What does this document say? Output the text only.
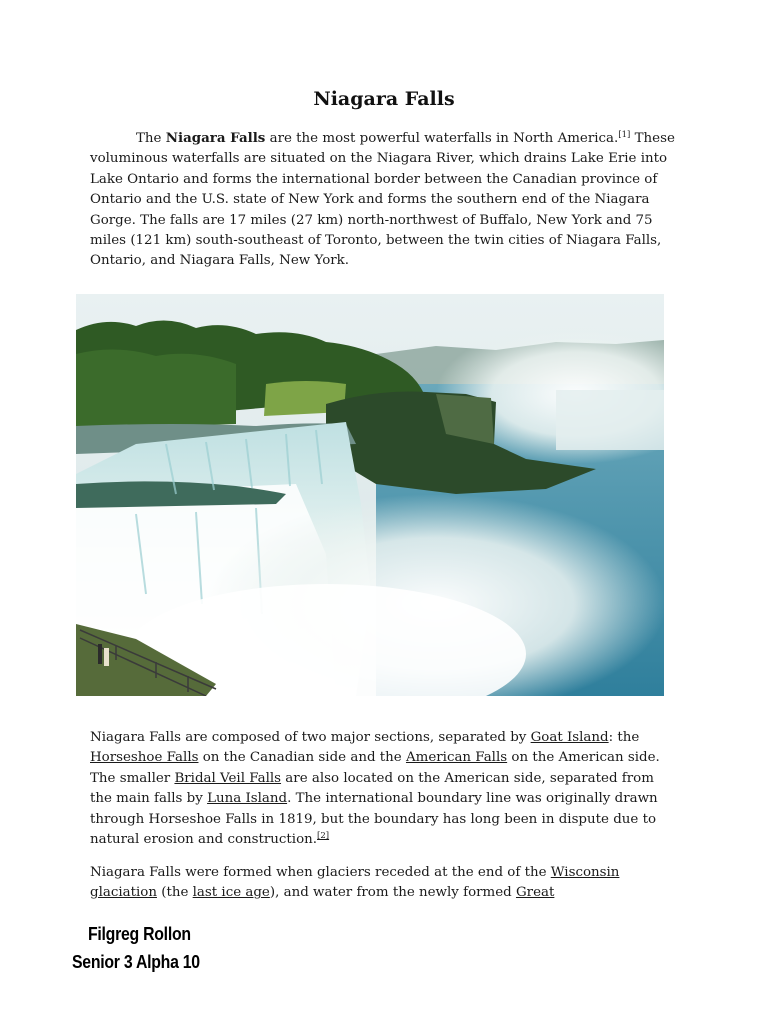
Niagara Falls

The Niagara Falls are the most powerful waterfalls in North America.[1] These voluminous waterfalls are situated on the Niagara River, which drains Lake Erie into Lake Ontario and forms the international border between the Canadian province of Ontario and the U.S. state of New York and forms the southern end of the Niagara Gorge. The falls are 17 miles (27 km) north-northwest of Buffalo, New York and 75 miles (121 km) south-southeast of Toronto, between the twin cities of Niagara Falls, Ontario, and Niagara Falls, New York.

Niagara Falls are composed of two major sections, separated by Goat Island: the Horseshoe Falls on the Canadian side and the American Falls on the American side. The smaller Bridal Veil Falls are also located on the American side, separated from the main falls by Luna Island. The international boundary line was originally drawn through Horseshoe Falls in 1819, but the boundary has long been in dispute due to natural erosion and construction.[2]

Niagara Falls were formed when glaciers receded at the end of the Wisconsin glaciation (the last ice age), and water from the newly formed Great

Filgreg Rollon

Senior 3 Alpha 10
